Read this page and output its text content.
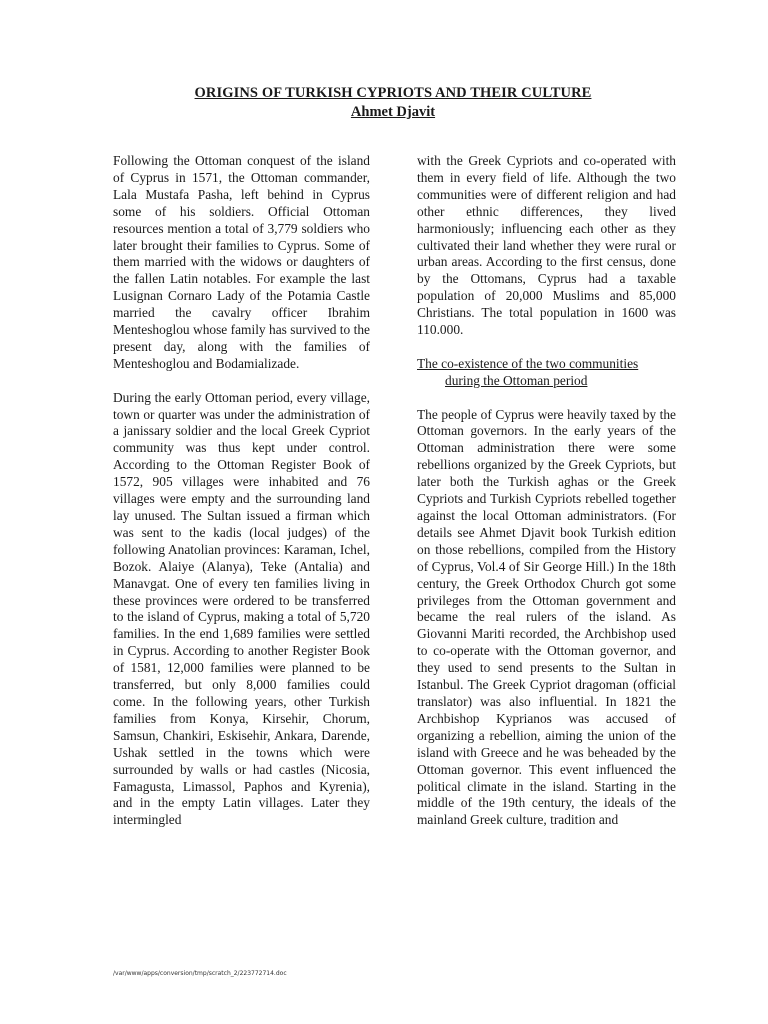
ORIGINS OF TURKISH CYPRIOTS AND THEIR CULTURE
Ahmet Djavit

Following the Ottoman conquest of the island of Cyprus in 1571, the Ottoman commander, Lala Mustafa Pasha, left behind in Cyprus some of his soldiers. Official Ottoman resources mention a total of 3,779 soldiers who later brought their families to Cyprus. Some of them married with the widows or daughters of the fallen Latin notables. For example the last Lusignan Cornaro Lady of the Potamia Castle married the cavalry officer Ibrahim Menteshoglou whose family has survived to the present day, along with the families of Menteshoglou and Bodamializade.

During the early Ottoman period, every village, town or quarter was under the administration of a janissary soldier and the local Greek Cypriot community was thus kept under control. According to the Ottoman Register Book of 1572, 905 villages were inhabited and 76 villages were empty and the surrounding land lay unused. The Sultan issued a firman which was sent to the kadis (local judges) of the following Anatolian provinces: Karaman, Ichel, Bozok. Alaiye (Alanya), Teke (Antalia) and Manavgat. One of every ten families living in these provinces were ordered to be transferred to the island of Cyprus, making a total of 5,720 families. In the end 1,689 families were settled in Cyprus. According to another Register Book of 1581, 12,000 families were planned to be transferred, but only 8,000 families could come. In the following years, other Turkish families from Konya, Kirsehir, Chorum, Samsun, Chankiri, Eskisehir, Ankara, Darende, Ushak settled in the towns which were surrounded by walls or had castles (Nicosia, Famagusta, Limassol, Paphos and Kyrenia), and in the empty Latin villages. Later they intermingled

with the Greek Cypriots and co-operated with them in every field of life. Although the two communities were of different religion and had other ethnic differences, they lived harmoniously; influencing each other as they cultivated their land whether they were rural or urban areas. According to the first census, done by the Ottomans, Cyprus had a taxable population of 20,000 Muslims and 85,000 Christians. The total population in 1600 was 110.000.

The co-existence of the two communities
during the Ottoman period

The people of Cyprus were heavily taxed by the Ottoman governors. In the early years of the Ottoman administration there were some rebellions organized by the Greek Cypriots, but later both the Turkish aghas or the Greek Cypriots and Turkish Cypriots rebelled together against the local Ottoman administrators. (For details see Ahmet Djavit book Turkish edition on those rebellions, compiled from the History of Cyprus, Vol.4 of Sir George Hill.) In the 18th century, the Greek Orthodox Church got some privileges from the Ottoman government and became the real rulers of the island. As Giovanni Mariti recorded, the Archbishop used to co-operate with the Ottoman governor, and they used to send presents to the Sultan in Istanbul. The Greek Cypriot dragoman (official translator) was also influential. In 1821 the Archbishop Kyprianos was accused of organizing a rebellion, aiming the union of the island with Greece and he was beheaded by the Ottoman governor. This event influenced the political climate in the island. Starting in the middle of the 19th century, the ideals of the mainland Greek culture, tradition and

/var/www/apps/conversion/tmp/scratch_2/223772714.doc
